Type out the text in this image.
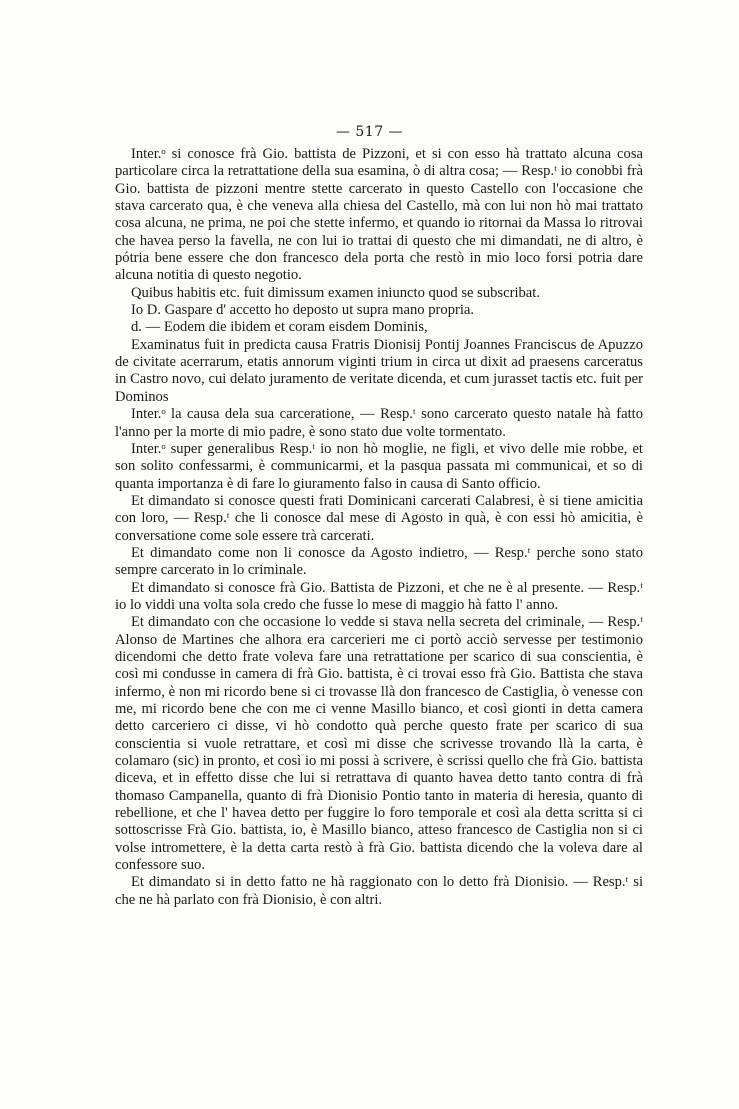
— 517 —

Inter.ᵒ si conosce frà Gio. battista de Pizzoni, et si con esso hà trattato alcuna cosa particolare circa la retrattatione della sua esamina, ò di altra cosa; — Resp.ᵗ io conobbi frà Gio. battista de pizzoni mentre stette carcerato in questo Castello con l'occasione che stava carcerato qua, è che veneva alla chiesa del Castello, mà con lui non hò mai trattato cosa alcuna, ne prima, ne poi che stette infermo, et quando io ritornai da Massa lo ritrovai che havea perso la favella, ne con lui io trattai di questo che mi dimandati, ne di altro, è pótria bene essere che don francesco dela porta che restò in mio loco forsi potria dare alcuna notitia di questo negotio.

Quibus habitis etc. fuit dimissum examen iniuncto quod se subscribat.

Io D. Gaspare d' accetto ho deposto ut supra mano propria.

d. — Eodem die ibidem et coram eisdem Dominis,

Examinatus fuit in predicta causa Fratris Dionisij Pontij Joannes Franciscus de Apuzzo de civitate acerrarum, etatis annorum viginti trium in circa ut dixit ad praesens carceratus in Castro novo, cui delato juramento de veritate dicenda, et cum jurasset tactis etc. fuit per Dominos

Inter.ᵒ la causa dela sua carceratione, — Resp.ᵗ sono carcerato questo natale hà fatto l'anno per la morte di mio padre, è sono stato due volte tormentato.

Inter.ᵒ super generalibus Resp.ᵗ io non hò moglie, ne figli, et vivo delle mie robbe, et son solito confessarmi, è communicarmi, et la pasqua passata mi communicai, et so di quanta importanza è di fare lo giuramento falso in causa di Santo officio.

Et dimandato si conosce questi frati Dominicani carcerati Calabresi, è si tiene amicitia con loro, — Resp.ᵗ che li conosce dal mese di Agosto in quà, è con essi hò amicitia, è conversatione come sole essere trà carcerati.

Et dimandato come non li conosce da Agosto indietro, — Resp.ᵗ perche sono stato sempre carcerato in lo criminale.

Et dimandato si conosce frà Gio. Battista de Pizzoni, et che ne è al presente. — Resp.ᵗ io lo viddi una volta sola credo che fusse lo mese di maggio hà fatto l' anno.

Et dimandato con che occasione lo vedde si stava nella secreta del criminale, — Resp.ᵗ Alonso de Martines che alhora era carcerieri me ci portò acciò servesse per testimonio dicendomi che detto frate voleva fare una retrattatione per scarico di sua conscientia, è così mi condusse in camera di frà Gio. battista, è ci trovai esso frà Gio. Battista che stava infermo, è non mi ricordo bene si ci trovasse llà don francesco de Castiglia, ò venesse con me, mi ricordo bene che con me ci venne Masillo bianco, et così gionti in detta camera detto carceriero ci disse, vi hò condotto quà perche questo frate per scarico di sua conscientia si vuole retrattare, et così mi disse che scrivesse trovando llà la carta, è colamaro (sic) in pronto, et così io mi possi à scrivere, è scrissi quello che frà Gio. battista diceva, et in effetto disse che lui si retrattava di quanto havea detto tanto contra di frà thomaso Campanella, quanto di frà Dionisio Pontio tanto in materia di heresia, quanto di rebellione, et che l' havea detto per fuggire lo foro temporale et così ala detta scritta si ci sottoscrisse Frà Gio. battista, io, è Masillo bianco, atteso francesco de Castiglia non si ci volse intromettere, è la detta carta restò à frà Gio. battista dicendo che la voleva dare al confessore suo.

Et dimandato si in detto fatto ne hà raggionato con lo detto frà Dionisio. — Resp.ᵗ si che ne hà parlato con frà Dionisio, è con altri.
